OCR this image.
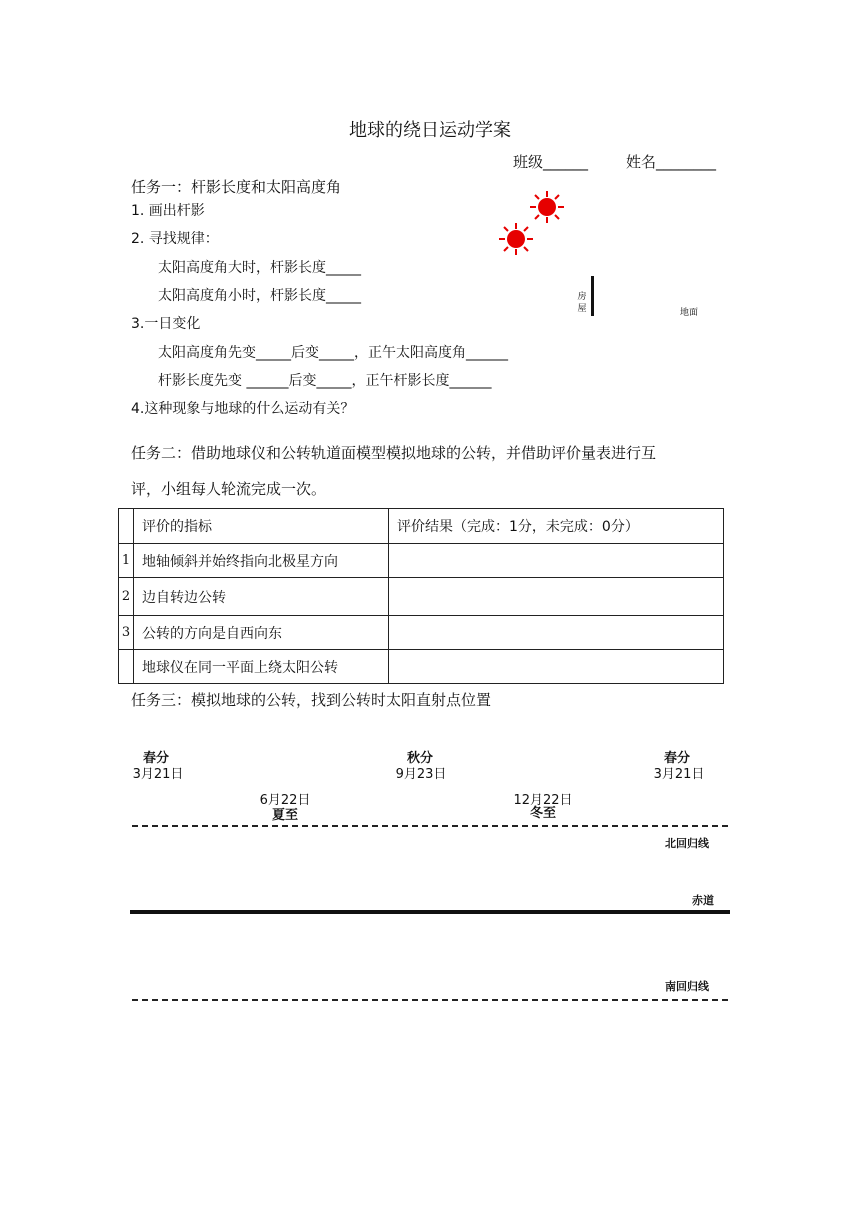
地球的绕日运动学案
班级______	姓名________
任务一：杆影长度和太阳高度角
1. 画出杆影
2. 寻找规律：
太阳高度角大时，杆影长度_____
太阳高度角小时，杆影长度_____
3.一日变化
太阳高度角先变_____后变_____，正午太阳高度角______
杆影长度先变 ______后变_____，正午杆影长度______
4.这种现象与地球的什么运动有关？
房屋	地面
任务二：借助地球仪和公转轨道面模型模拟地球的公转，并借助评价量表进行互
评，小组每人轮流完成一次。
	评价的指标	评价结果（完成：1分，未完成：0分）
1	地轴倾斜并始终指向北极星方向	
2	边自转边公转	
3	公转的方向是自西向东	
	地球仪在同一平面上绕太阳公转	
任务三：模拟地球的公转，找到公转时太阳直射点位置
春分
3月21日
秋分
9月23日
春分
3月21日
6月22日
夏至
12月22日
冬至
北回归线
赤道
南回归线
